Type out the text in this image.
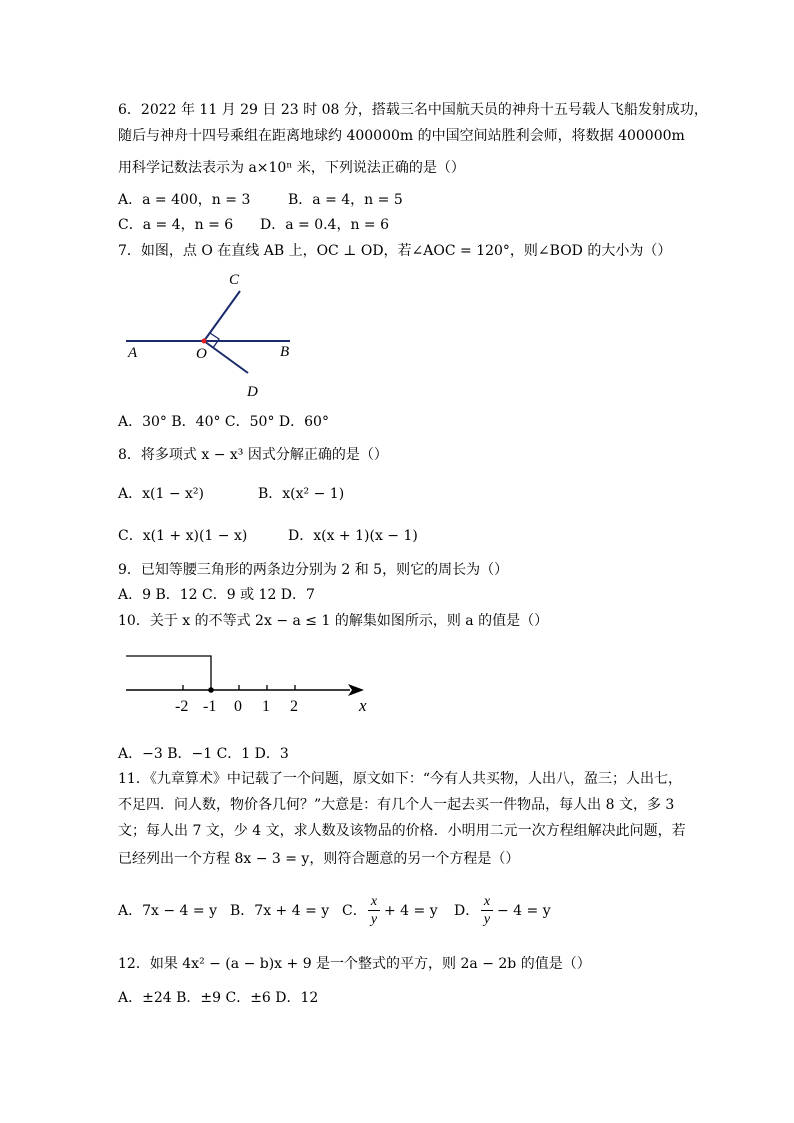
6．2022 年 11 月 29 日 23 时 08 分，搭载三名中国航天员的神舟十五号载人飞船发射成功，
随后与神舟十四号乘组在距离地球约 400000m 的中国空间站胜利会师，将数据 400000m
用科学记数法表示为 a×10ⁿ 米，下列说法正确的是（）
A．a = 400，n = 3	B．a = 4，n = 5
C．a = 4，n = 6 D．a = 0.4，n = 6
7．如图，点 O 在直线 AB 上，OC ⊥ OD，若∠AOC = 120°，则∠BOD 的大小为（）
C
A	O	B
D
A．30° B．40° C．50° D．60°
8．将多项式 x − x³ 因式分解正确的是（）
A．x(1 − x²)	B．x(x² − 1)
C．x(1 + x)(1 − x)	D．x(x + 1)(x − 1)
9．已知等腰三角形的两条边分别为 2 和 5，则它的周长为（）
A．9 B．12 C．9 或 12 D．7
10．关于 x 的不等式 2x − a ≤ 1 的解集如图所示，则 a 的值是（）
-2 -1 0 1 2	x
A．−3 B．−1 C．1 D．3
11．《九章算术》中记载了一个问题，原文如下：“今有人共买物，人出八，盈三；人出七，
不足四．问人数，物价各几何？”大意是：有几个人一起去买一件物品，每人出 8 文，多 3
文；每人出 7 文，少 4 文，求人数及该物品的价格．小明用二元一次方程组解决此问题，若
已经列出一个方程 8x − 3 = y，则符合题意的另一个方程是（）
A．7x − 4 = y B．7x + 4 = y C．
x
y
+ 4 = y D．
x
y
− 4 = y
12．如果 4x² − (a − b)x + 9 是一个整式的平方，则 2a − 2b 的值是（）
A．±24 B．±9 C．±6 D．12
